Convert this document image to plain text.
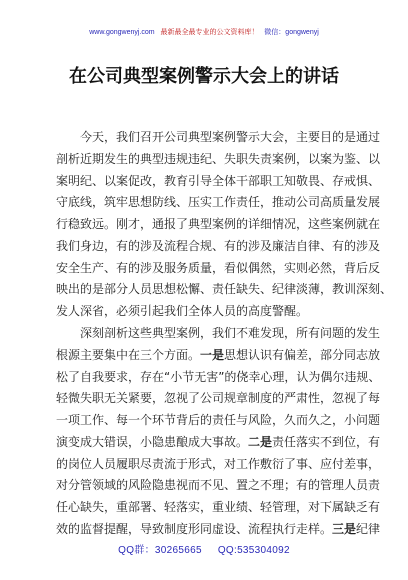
www.gongwenyj.com 最新最全最专业的公文资料库！ 微信：gongwenyj
在公司典型案例警示大会上的讲话
今天，我们召开公司典型案例警示大会，主要目的是通过
剖析近期发生的典型违规违纪、失职失责案例，以案为鉴、以
案明纪、以案促改，教育引导全体干部职工知敬畏、存戒惧、
守底线，筑牢思想防线、压实工作责任，推动公司高质量发展
行稳致远。刚才，通报了典型案例的详细情况，这些案例就在
我们身边，有的涉及流程合规、有的涉及廉洁自律、有的涉及
安全生产、有的涉及服务质量，看似偶然，实则必然，背后反
映出的是部分人员思想松懈、责任缺失、纪律淡薄，教训深刻、
发人深省，必须引起我们全体人员的高度警醒。
深刻剖析这些典型案例，我们不难发现，所有问题的发生
根源主要集中在三个方面。一是思想认识有偏差，部分同志放
松了自我要求，存在“小节无害”的侥幸心理，认为偶尔违规、
轻微失职无关紧要，忽视了公司规章制度的严肃性，忽视了每
一项工作、每一个环节背后的责任与风险，久而久之，小问题
演变成大错误，小隐患酿成大事故。二是责任落实不到位，有
的岗位人员履职尽责流于形式，对工作敷衍了事、应付差事，
对分管领域的风险隐患视而不见、置之不理；有的管理人员责
任心缺失，重部署、轻落实，重业绩、轻管理，对下属缺乏有
效的监督提醒，导致制度形同虚设、流程执行走样。三是纪律
QQ群：30265665 QQ:535304092
